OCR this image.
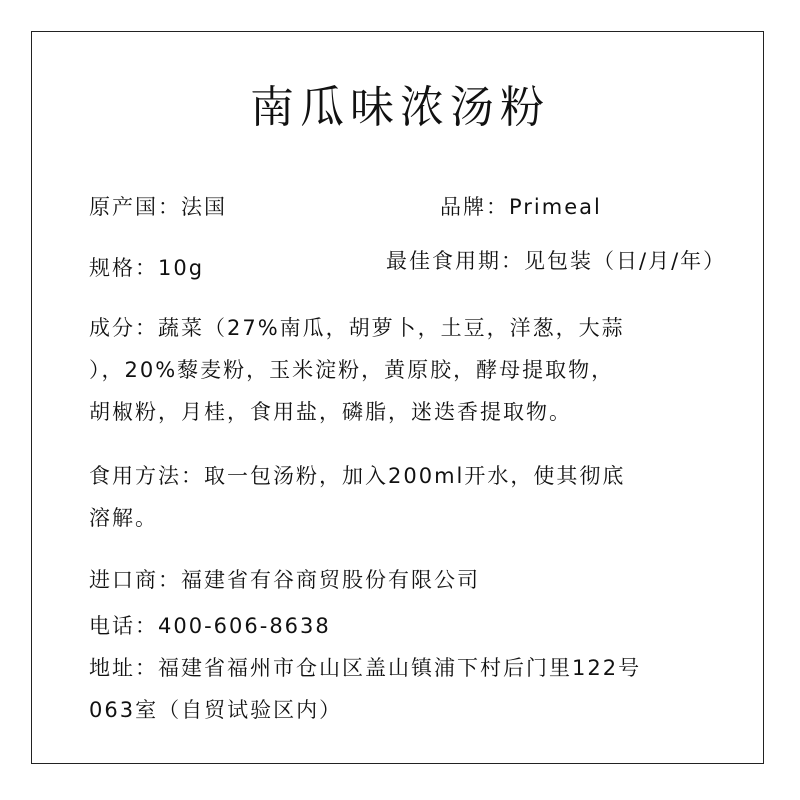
南瓜味浓汤粉
原产国：法国	品牌：Primeal
规格：10g	最佳食用期：见包装（日/月/年）
成分：蔬菜（27%南瓜，胡萝卜，土豆，洋葱，大蒜
），20%藜麦粉，玉米淀粉，黄原胶，酵母提取物，
胡椒粉，月桂，食用盐，磷脂，迷迭香提取物。
食用方法：取一包汤粉，加入200ml开水，使其彻底
溶解。
进口商：福建省有谷商贸股份有限公司
电话：400-606-8638
地址：福建省福州市仓山区盖山镇浦下村后门里122号
063室（自贸试验区内）
